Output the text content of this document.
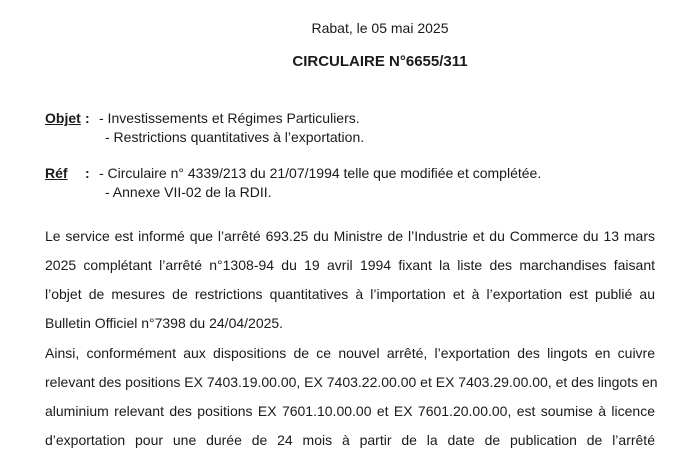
Rabat, le 05 mai 2025
CIRCULAIRE N°6655/311
Objet : - Investissements et Régimes Particuliers.
- Restrictions quantitatives à l’exportation.
Réf : - Circulaire n° 4339/213 du 21/07/1994 telle que modifiée et complétée.
- Annexe VII-02 de la RDII.
Le service est informé que l’arrêté 693.25 du Ministre de l’Industrie et du Commerce du 13 mars
2025 complétant l’arrêté n°1308-94 du 19 avril 1994 fixant la liste des marchandises faisant
l’objet de mesures de restrictions quantitatives à l’importation et à l’exportation est publié au
Bulletin Officiel n°7398 du 24/04/2025.
Ainsi, conformément aux dispositions de ce nouvel arrêté, l’exportation des lingots en cuivre
relevant des positions EX 7403.19.00.00, EX 7403.22.00.00 et EX 7403.29.00.00, et des lingots en
aluminium relevant des positions EX 7601.10.00.00 et EX 7601.20.00.00, est soumise à licence
d’exportation pour une durée de 24 mois à partir de la date de publication de l’arrêté
